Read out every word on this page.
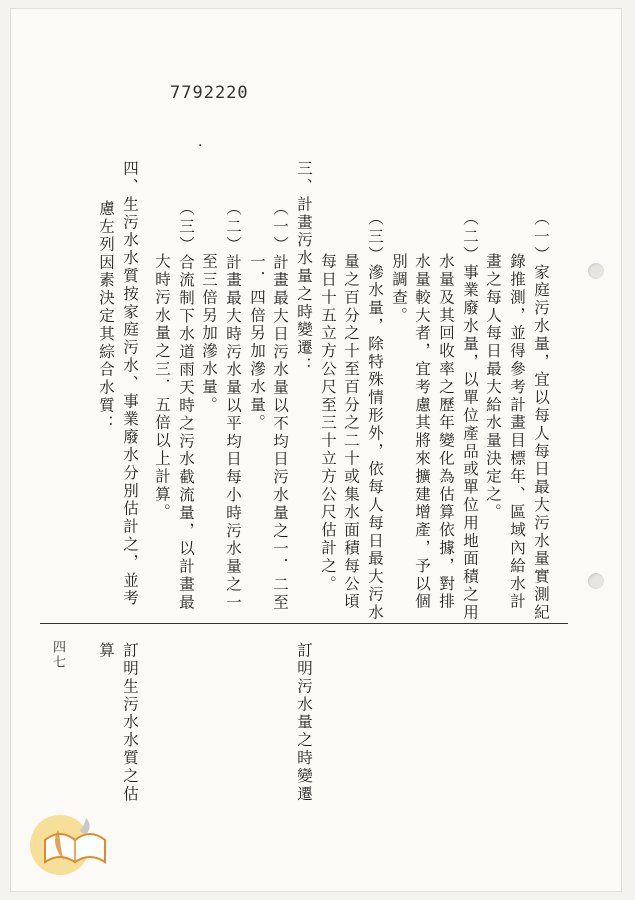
7792220
·
（一）家庭污水量，宜以每人每日最大污水量實測紀
錄推測，並得參考計畫目標年、區域內給水計
畫之每人每日最大給水量決定之。
（二）事業廢水量，以單位產品或單位用地面積之用
水量及其回收率之歷年變化為估算依據，對排
水量較大者，宜考慮其將來擴建增產，予以個
別調查。
（三）滲水量，除特殊情形外，依每人每日最大污水
量之百分之十至百分之二十或集水面積每公頃
每日十五立方公尺至三十立方公尺估計之。
三、計畫污水量之時變遷：
（一）計畫最大日污水量以不均日污水量之一．二至
一．四倍另加滲水量。
（二）計畫最大時污水量以平均日每小時污水量之一
至三倍另加滲水量。
（三）合流制下水道雨天時之污水截流量，以計畫最
大時污水量之三．五倍以上計算。
四、生污水水質按家庭污水、事業廢水分別估計之，並考
慮左列因素決定其綜合水質：
訂明污水量之時變遷
訂明生污水水質之估
算
四七
